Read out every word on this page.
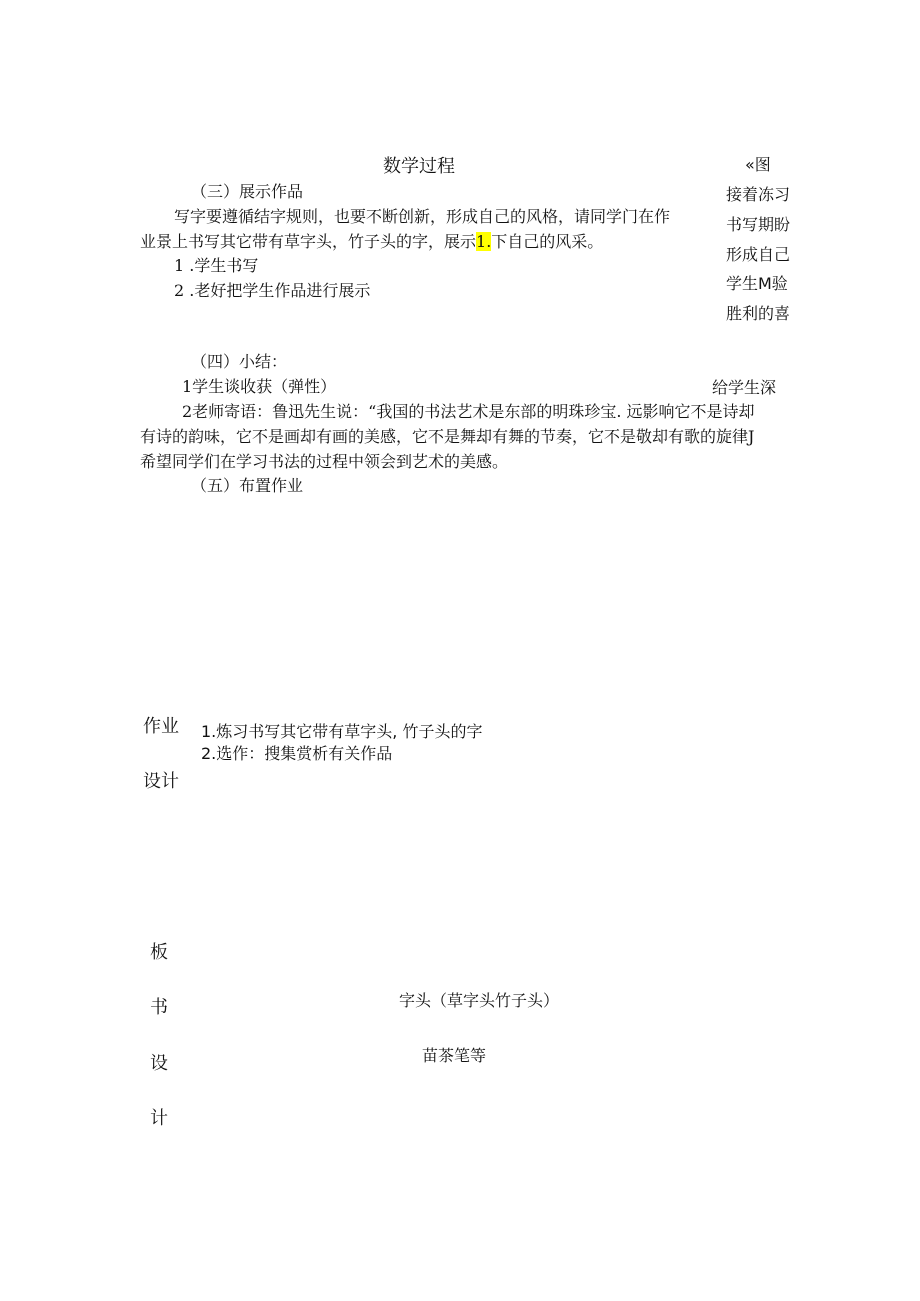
数学过程	«图
接着冻习
书写期盼
形成自己
学生M验
胜利的喜
（三）展示作品
写字要遵循结字规则，也要不断创新，形成自己的风格，请同学门在作
业景上书写其它带有草字头，竹子头的字，展示1.下自己的风采。
1 .学生书写
2 .老好把学生作品进行展示
（四）小结：
1学生谈收获（弹性）	给学生深
2老师寄语：鲁迅先生说：“我国的书法艺术是东部的明珠珍宝. 远影响它不是诗却
有诗的韵味，它不是画却有画的美感，它不是舞却有舞的节奏，它不是敬却有歌的旋律J
希望同学们在学习书法的过程中领会到艺术的美感。
（五）布置作业
作业
设计
1.炼习书写其它带有草字头, 竹子头的字
2.选作：搜集赏析有关作品
板
书
设
计
字头（草字头竹子头）
苗茶笔等
